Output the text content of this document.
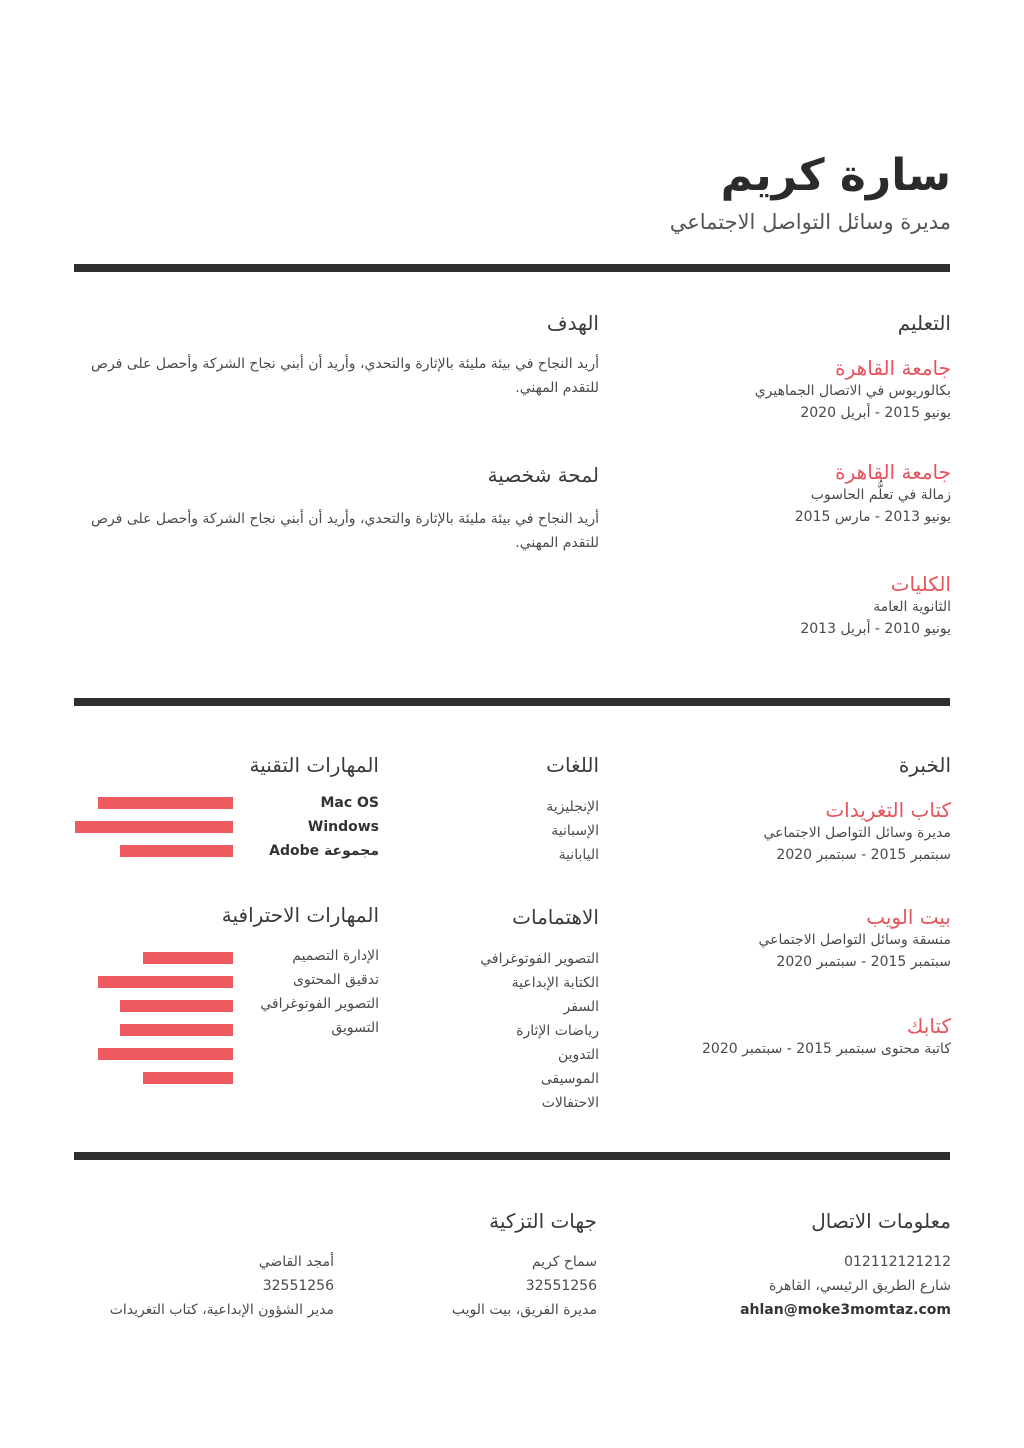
سارة كريم
مديرة وسائل التواصل الاجتماعي
التعليم
جامعة القاهرة
بكالوريوس في الاتصال الجماهيري
يونيو 2015 - أبريل 2020
جامعة القاهرة
زمالة في تعلُّم الحاسوب
يونيو 2013 - مارس 2015
الكليات
الثانوية العامة
يونيو 2010 - أبريل 2013
الهدف
أريد النجاح في بيئة مليئة بالإثارة والتحدي، وأريد أن أبني نجاح الشركة وأحصل على فرص للتقدم المهني.
لمحة شخصية
أريد النجاح في بيئة مليئة بالإثارة والتحدي، وأريد أن أبني نجاح الشركة وأحصل على فرص للتقدم المهني.
الخبرة
كتاب التغريدات
مديرة وسائل التواصل الاجتماعي
سبتمبر 2015 - سبتمبر 2020
بيت الويب
منسقة وسائل التواصل الاجتماعي
سبتمبر 2015 - سبتمبر 2020
كتابك
كاتبة محتوى سبتمبر 2015 - سبتمبر 2020
اللغات
الإنجليزية
الإسبانية
اليابانية
الاهتمامات
التصوير الفوتوغرافي
الكتابة الإبداعية
السفر
رياضات الإثارة
التدوين
الموسيقى
الاحتفالات
المهارات التقنية
Mac OS
Windows
مجموعة Adobe
المهارات الاحترافية
الإدارة التصميم
تدقيق المحتوى
التصوير الفوتوغرافي
التسويق
معلومات الاتصال
01211212121​2
شارع الطريق الرئيسي، القاهرة
ahlan@moke3momtaz.com
جهات التزكية
سماح كريم
32551256
مديرة الفريق، بيت الويب
أمجد القاضي
32551256
مدير الشؤون الإبداعية، كتاب التغريدات
